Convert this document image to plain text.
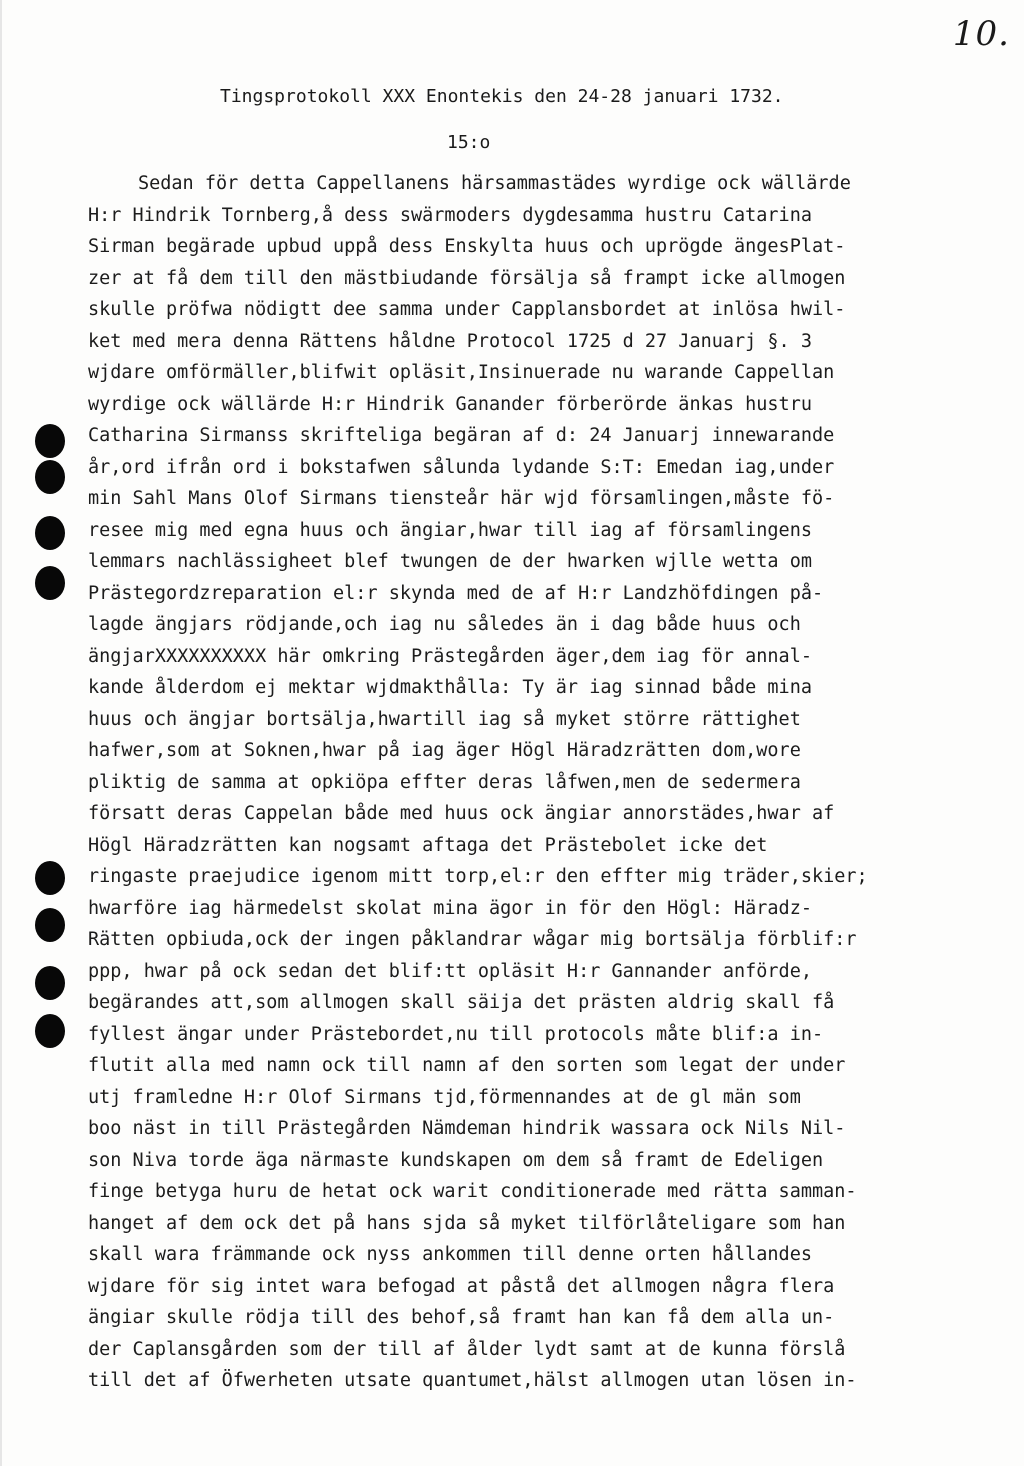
10.
Tingsprotokoll XXX Enontekis den 24-28 januari 1732.
15:o
Sedan för detta Cappellanens härsammastädes wyrdige ock wällärde
H:r Hindrik Tornberg,å dess swärmoders dygdesamma hustru Catarina
Sirman begärade upbud uppå dess Enskylta huus och uprögde ängesPlat-
zer at få dem till den mästbiudande försälja så frampt icke allmogen
skulle pröfwa nödigtt dee samma under Capplansbordet at inlösa hwil-
ket med mera denna Rättens håldne Protocol 1725 d 27 Januarj §. 3
wjdare omförmäller,blifwit opläsit,Insinuerade nu warande Cappellan
wyrdige ock wällärde H:r Hindrik Ganander förberörde änkas hustru
Catharina Sirmanss skrifteliga begäran af d: 24 Januarj innewarande
år,ord ifrån ord i bokstafwen sålunda lydande S:T: Emedan iag,under
min Sahl Mans Olof Sirmans tiensteår här wjd församlingen,måste fö-
resee mig med egna huus och ängiar,hwar till iag af församlingens
lemmars nachlässigheet blef twungen de der hwarken wjlle wetta om
Prästegordzreparation el:r skynda med de af H:r Landzhöfdingen på-
lagde ängjars rödjande,och iag nu således än i dag både huus och
ängjarXXXXXXXXXX här omkring Prästegården äger,dem iag för annal-
kande ålderdom ej mektar wjdmakthålla: Ty är iag sinnad både mina
huus och ängjar bortsälja,hwartill iag så myket större rättighet
hafwer,som at Soknen,hwar på iag äger Högl Häradzrätten dom,wore
pliktig de samma at opkiöpa effter deras låfwen,men de sedermera
försatt deras Cappelan både med huus ock ängiar annorstädes,hwar af
Högl Häradzrätten kan nogsamt aftaga det Prästebolet icke det
ringaste praejudice igenom mitt torp,el:r den effter mig träder,skier;
hwarföre iag härmedelst skolat mina ägor in för den Högl: Häradz-
Rätten opbiuda,ock der ingen påklandrar wågar mig bortsälja förblif:r
ppp, hwar på ock sedan det blif:tt opläsit H:r Gannander anförde,
begärandes att,som allmogen skall säija det prästen aldrig skall få
fyllest ängar under Prästebordet,nu till protocols måte blif:a in-
flutit alla med namn ock till namn af den sorten som legat der under
utj framledne H:r Olof Sirmans tjd,förmennandes at de gl män som
boo näst in till Prästegården Nämdeman hindrik wassara ock Nils Nil-
son Niva torde äga närmaste kundskapen om dem så framt de Edeligen
finge betyga huru de hetat ock warit conditionerade med rätta samman-
hanget af dem ock det på hans sjda så myket tilförlåteligare som han
skall wara främmande ock nyss ankommen till denne orten hållandes
wjdare för sig intet wara befogad at påstå det allmogen några flera
ängiar skulle rödja till des behof,så framt han kan få dem alla un-
der Caplansgården som der till af ålder lydt samt at de kunna förslå
till det af Öfwerheten utsate quantumet,hälst allmogen utan lösen in-
